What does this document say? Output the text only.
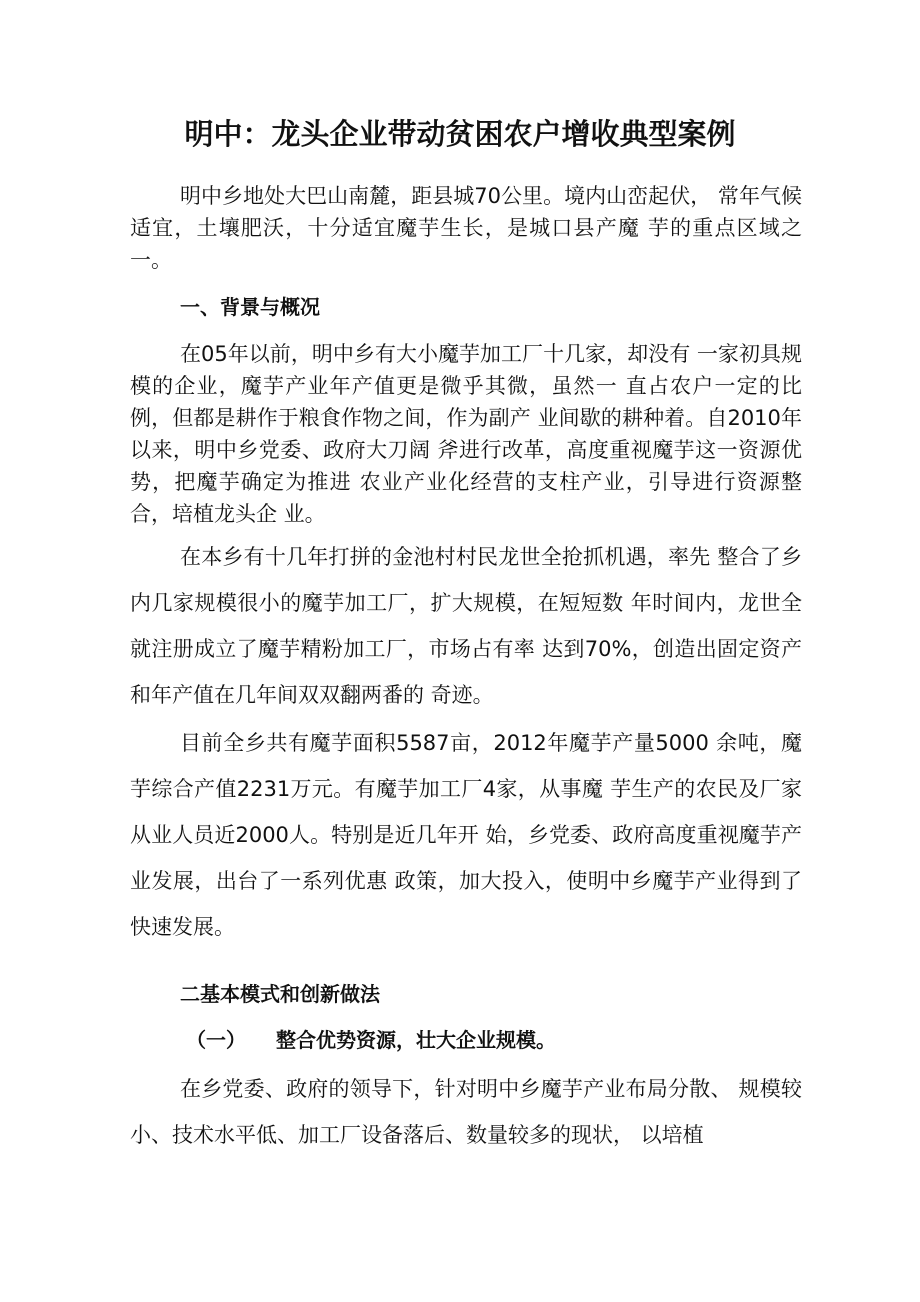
明中：龙头企业带动贫困农户增收典型案例

明中乡地处大巴山南麓，距县城70公里。境内山峦起伏， 常年气候适宜，土壤肥沃，十分适宜魔芋生长，是城口县产魔 芋的重点区域之一。

一、背景与概况

在05年以前，明中乡有大小魔芋加工厂十几家，却没有 一家初具规模的企业，魔芋产业年产值更是微乎其微，虽然一 直占农户一定的比例，但都是耕作于粮食作物之间，作为副产 业间歇的耕种着。自2010年以来，明中乡党委、政府大刀阔 斧进行改革，高度重视魔芋这一资源优势，把魔芋确定为推进 农业产业化经营的支柱产业，引导进行资源整合，培植龙头企 业。

在本乡有十几年打拼的金池村村民龙世全抢抓机遇，率先 整合了乡内几家规模很小的魔芋加工厂，扩大规模，在短短数 年时间内，龙世全就注册成立了魔芋精粉加工厂，市场占有率 达到70%，创造出固定资产和年产值在几年间双双翻两番的 奇迹。

目前全乡共有魔芋面积5587亩，2012年魔芋产量5000 余吨，魔芋综合产值2231万元。有魔芋加工厂4家，从事魔 芋生产的农民及厂家从业人员近2000人。特别是近几年开 始，乡党委、政府高度重视魔芋产业发展，出台了一系列优惠 政策，加大投入，使明中乡魔芋产业得到了快速发展。

二基本模式和创新做法
（一） 整合优势资源，壮大企业规模。

在乡党委、政府的领导下，针对明中乡魔芋产业布局分散、 规模较小、技术水平低、加工厂设备落后、数量较多的现状， 以培植
